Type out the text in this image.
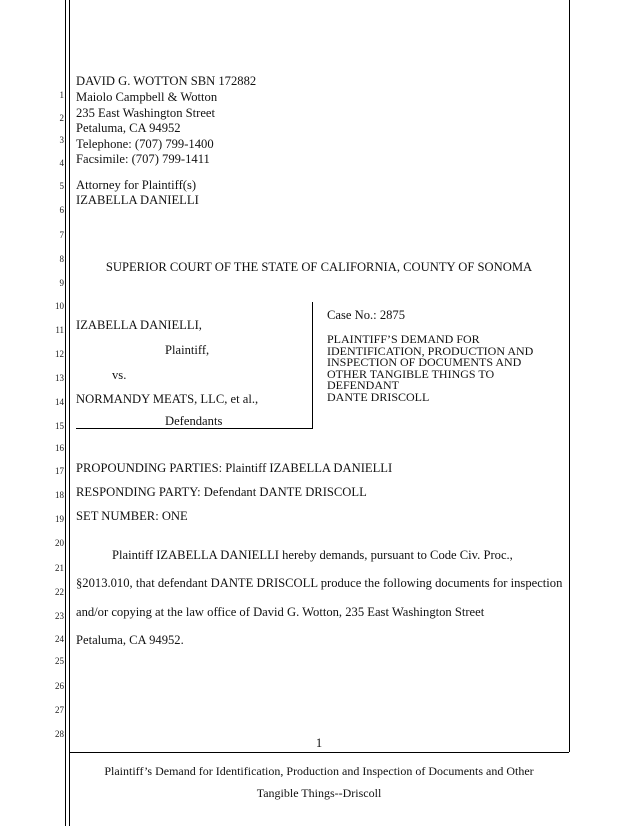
1
2
3
4
5
6
7
8
9
10
11
12
13
14
15
16
17
18
19
20
21
22
23
24
25
26
27
28
DAVID G. WOTTON SBN 172882
Maiolo Campbell & Wotton
235 East Washington Street
Petaluma, CA 94952
Telephone: (707) 799-1400
Facsimile: (707) 799-1411
Attorney for Plaintiff(s)
IZABELLA DANIELLI
SUPERIOR COURT OF THE STATE OF CALIFORNIA, COUNTY OF SONOMA
IZABELLA DANIELLI,
Plaintiff,
vs.
NORMANDY MEATS, LLC, et al.,
Defendants
Case No.: 2875
PLAINTIFF’S DEMAND FOR
IDENTIFICATION, PRODUCTION AND
INSPECTION OF DOCUMENTS AND
OTHER TANGIBLE THINGS TO
DEFENDANT
DANTE DRISCOLL
PROPOUNDING PARTIES: Plaintiff IZABELLA DANIELLI
RESPONDING PARTY: Defendant DANTE DRISCOLL
SET NUMBER: ONE
Plaintiff IZABELLA DANIELLI hereby demands, pursuant to Code Civ. Proc.,
§2013.010, that defendant DANTE DRISCOLL produce the following documents for inspection
and/or copying at the law office of David G. Wotton, 235 East Washington Street
Petaluma, CA 94952.
1
Plaintiff’s Demand for Identification, Production and Inspection of Documents and Other
Tangible Things--Driscoll
